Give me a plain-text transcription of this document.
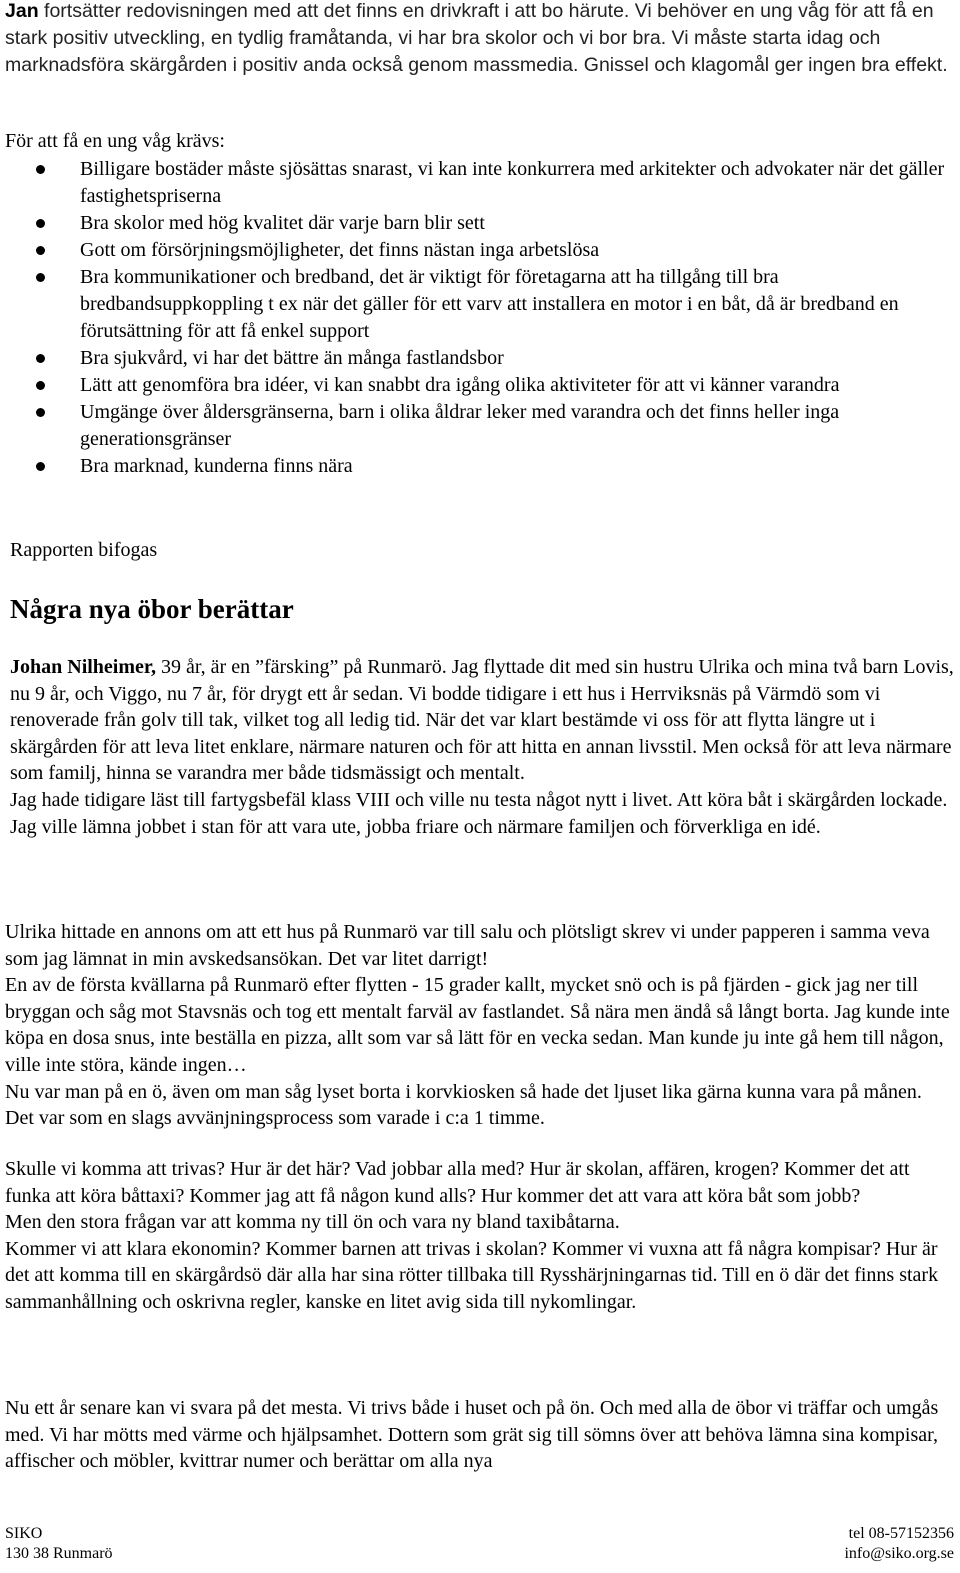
Jan fortsätter redovisningen med att det finns en drivkraft i att bo härute. Vi behöver en ung våg för att få en stark positiv utveckling, en tydlig framåtanda, vi har bra skolor och vi bor bra. Vi måste starta idag och marknadsföra skärgården i positiv anda också genom massmedia. Gnissel och klagomål ger ingen bra effekt.
För att få en ung våg krävs:
Billigare bostäder måste sjösättas snarast, vi kan inte konkurrera med arkitekter och advokater när det gäller fastighetspriserna
Bra skolor med hög kvalitet där varje barn blir sett
Gott om försörjningsmöjligheter, det finns nästan inga arbetslösa
Bra kommunikationer och bredband, det är viktigt för företagarna att ha tillgång till bra bredbandsuppkoppling t ex när det gäller för ett varv att installera en motor i en båt, då är bredband en förutsättning för att få enkel support
Bra sjukvård, vi har det bättre än många fastlandsbor
Lätt att genomföra bra idéer, vi kan snabbt dra igång olika aktiviteter för att vi känner varandra
Umgänge över åldersgränserna, barn i olika åldrar leker med varandra och det finns heller inga generationsgränser
Bra marknad, kunderna finns nära
Rapporten bifogas
Några nya öbor berättar

Johan Nilheimer, 39 år, är en ”färsking” på Runmarö. Jag flyttade dit med sin hustru Ulrika och mina två barn Lovis, nu 9 år, och Viggo, nu 7 år, för drygt ett år sedan. Vi bodde tidigare i ett hus i Herrviksnäs på Värmdö som vi renoverade från golv till tak, vilket tog all ledig tid. När det var klart bestämde vi oss för att flytta längre ut i skärgården för att leva litet enklare, närmare naturen och för att hitta en annan livsstil. Men också för att leva närmare som familj, hinna se varandra mer både tidsmässigt och mentalt.

Jag hade tidigare läst till fartygsbefäl klass VIII och ville nu testa något nytt i livet. Att köra båt i skärgården lockade. Jag ville lämna jobbet i stan för att vara ute, jobba friare och närmare familjen och förverkliga en idé.

Ulrika hittade en annons om att ett hus på Runmarö var till salu och plötsligt skrev vi under papperen i samma veva som jag lämnat in min avskedsansökan. Det var litet darrigt!

En av de första kvällarna på Runmarö efter flytten - 15 grader kallt, mycket snö och is på fjärden - gick jag ner till bryggan och såg mot Stavsnäs och tog ett mentalt farväl av fastlandet. Så nära men ändå så långt borta. Jag kunde inte köpa en dosa snus, inte beställa en pizza, allt som var så lätt för en vecka sedan. Man kunde ju inte gå hem till någon, ville inte störa, kände ingen…

Nu var man på en ö, även om man såg lyset borta i korvkiosken så hade det ljuset lika gärna kunna vara på månen. Det var som en slags avvänjningsprocess som varade i c:a 1 timme.

Skulle vi komma att trivas? Hur är det här? Vad jobbar alla med? Hur är skolan, affären, krogen? Kommer det att funka att köra båttaxi? Kommer jag att få någon kund alls? Hur kommer det att vara att köra båt som jobb?

Men den stora frågan var att komma ny till ön och vara ny bland taxibåtarna.

Kommer vi att klara ekonomin? Kommer barnen att trivas i skolan? Kommer vi vuxna att få några kompisar? Hur är det att komma till en skärgårdsö där alla har sina rötter tillbaka till Rysshärjningarnas tid. Till en ö där det finns stark sammanhållning och oskrivna regler, kanske en litet avig sida till nykomlingar.

Nu ett år senare kan vi svara på det mesta. Vi trivs både i huset och på ön. Och med alla de öbor vi träffar och umgås med. Vi har mötts med värme och hjälpsamhet. Dottern som grät sig till sömns över att behöva lämna sina kompisar, affischer och möbler, kvittrar numer och berättar om alla nya

SIKO
130 38 Runmarö
tel 08-57152356
info@siko.org.se
